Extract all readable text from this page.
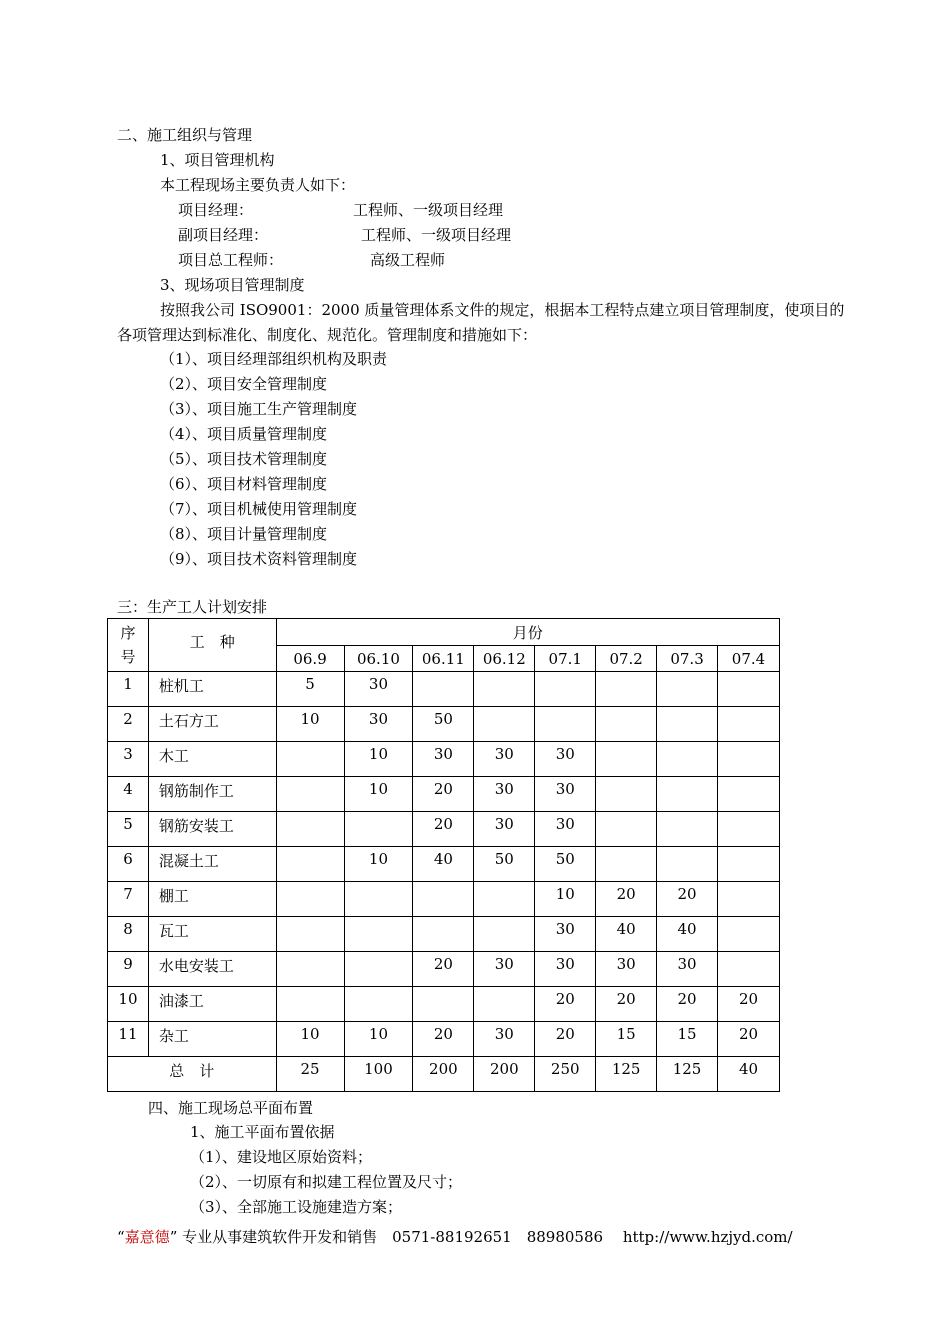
二、施工组织与管理
1、项目管理机构
本工程现场主要负责人如下：
项目经理：	工程师、一级项目经理
副项目经理：	工程师、一级项目经理
项目总工程师：	高级工程师
3、现场项目管理制度
按照我公司 ISO9001：2000 质量管理体系文件的规定，根据本工程特点建立项目管理制度，使项目的各项管理达到标准化、制度化、规范化。管理制度和措施如下：
（1）、项目经理部组织机构及职责
（2）、项目安全管理制度
（3）、项目施工生产管理制度
（4）、项目质量管理制度
（5）、项目技术管理制度
（6）、项目材料管理制度
（7）、项目机械使用管理制度
（8）、项目计量管理制度
（9）、项目技术资料管理制度
三：生产工人计划安排
序号	工　种	月份							
		06.9	06.10	06.11	06.12	07.1	07.2	07.3	07.4
1	桩机工	5	30						
2	土石方工	10	30	50					
3	木工		10	30	30	30			
4	钢筋制作工		10	20	30	30			
5	钢筋安装工			20	30	30			
6	混凝土工		10	40	50	50			
7	棚工					10	20	20	
8	瓦工					30	40	40	
9	水电安装工			20	30	30	30	30	
10	油漆工					20	20	20	20
11	杂工	10	10	20	30	20	15	15	20
总　计		25	100	200	200	250	125	125	40
四、施工现场总平面布置
1、施工平面布置依据
（1）、建设地区原始资料；
（2）、一切原有和拟建工程位置及尺寸；
（3）、全部施工设施建造方案；
“嘉意德” 专业从事建筑软件开发和销售　0571-88192651　88980586　 http://www.hzjyd.com/
